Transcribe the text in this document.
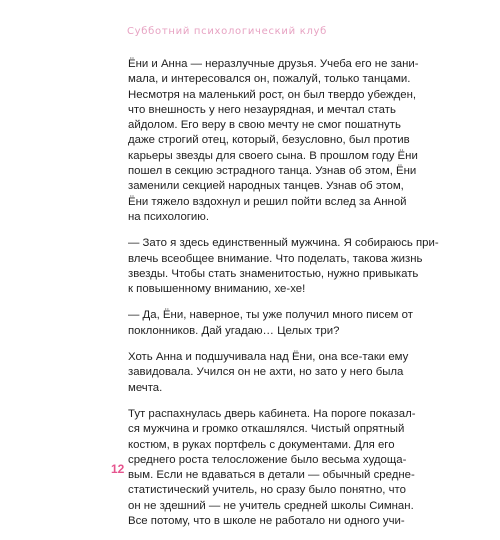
Субботний психологический клуб

Ёни и Анна — неразлучные друзья. Учеба его не зани-
мала, и интересовался он, пожалуй, только танцами.
Несмотря на маленький рост, он был твердо убежден,
что внешность у него незаурядная, и мечтал стать
айдолом. Его веру в свою мечту не смог пошатнуть
даже строгий отец, который, безусловно, был против
карьеры звезды для своего сына. В прошлом году Ёни
пошел в секцию эстрадного танца. Узнав об этом, Ёни
заменили секцией народных танцев. Узнав об этом,
Ёни тяжело вздохнул и решил пойти вслед за Анной
на психологию.

— Зато я здесь единственный мужчина. Я собираюсь при-
влечь всеобщее внимание. Что поделать, такова жизнь
звезды. Чтобы стать знаменитостью, нужно привыкать
к повышенному вниманию, хе-хе!

— Да, Ёни, наверное, ты уже получил много писем от
поклонников. Дай угадаю… Целых три?

Хоть Анна и подшучивала над Ёни, она все-таки ему
завидовала. Учился он не ахти, но зато у него была
мечта.

Тут распахнулась дверь кабинета. На пороге показал-
ся мужчина и громко откашлялся. Чистый опрятный
костюм, в руках портфель с документами. Для его
среднего роста телосложение было весьма худоща-
вым. Если не вдаваться в детали — обычный средне-
статистический учитель, но сразу было понятно, что
он не здешний — не учитель средней школы Симнан.
Все потому, что в школе не работало ни одного учи-

12
